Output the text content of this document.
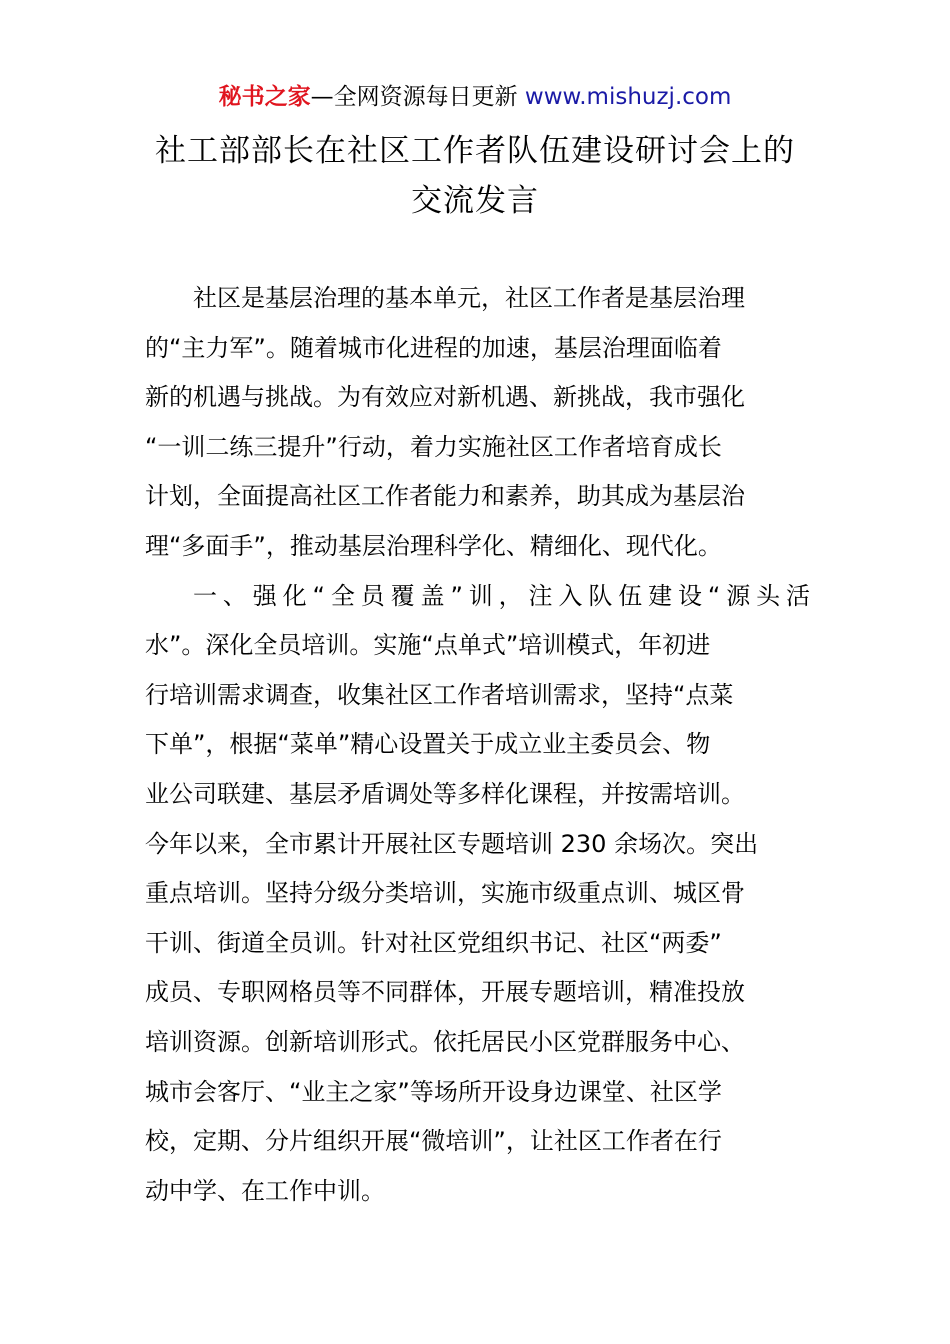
秘书之家—全网资源每日更新 www.mishuzj.com
社工部部长在社区工作者队伍建设研讨会上的
交流发言
社区是基层治理的基本单元，社区工作者是基层治理
的“主力军”。随着城市化进程的加速，基层治理面临着
新的机遇与挑战。为有效应对新机遇、新挑战，我市强化
“一训二练三提升”行动，着力实施社区工作者培育成长
计划，全面提高社区工作者能力和素养，助其成为基层治
理“多面手”，推动基层治理科学化、精细化、现代化。
一、强化“全员覆盖”训，注入队伍建设“源头活
水”。深化全员培训。实施“点单式”培训模式，年初进
行培训需求调查，收集社区工作者培训需求，坚持“点菜
下单”，根据“菜单”精心设置关于成立业主委员会、物
业公司联建、基层矛盾调处等多样化课程，并按需培训。
今年以来，全市累计开展社区专题培训 230 余场次。突出
重点培训。坚持分级分类培训，实施市级重点训、城区骨
干训、街道全员训。针对社区党组织书记、社区“两委”
成员、专职网格员等不同群体，开展专题培训，精准投放
培训资源。创新培训形式。依托居民小区党群服务中心、
城市会客厅、“业主之家”等场所开设身边课堂、社区学
校，定期、分片组织开展“微培训”，让社区工作者在行
动中学、在工作中训。
